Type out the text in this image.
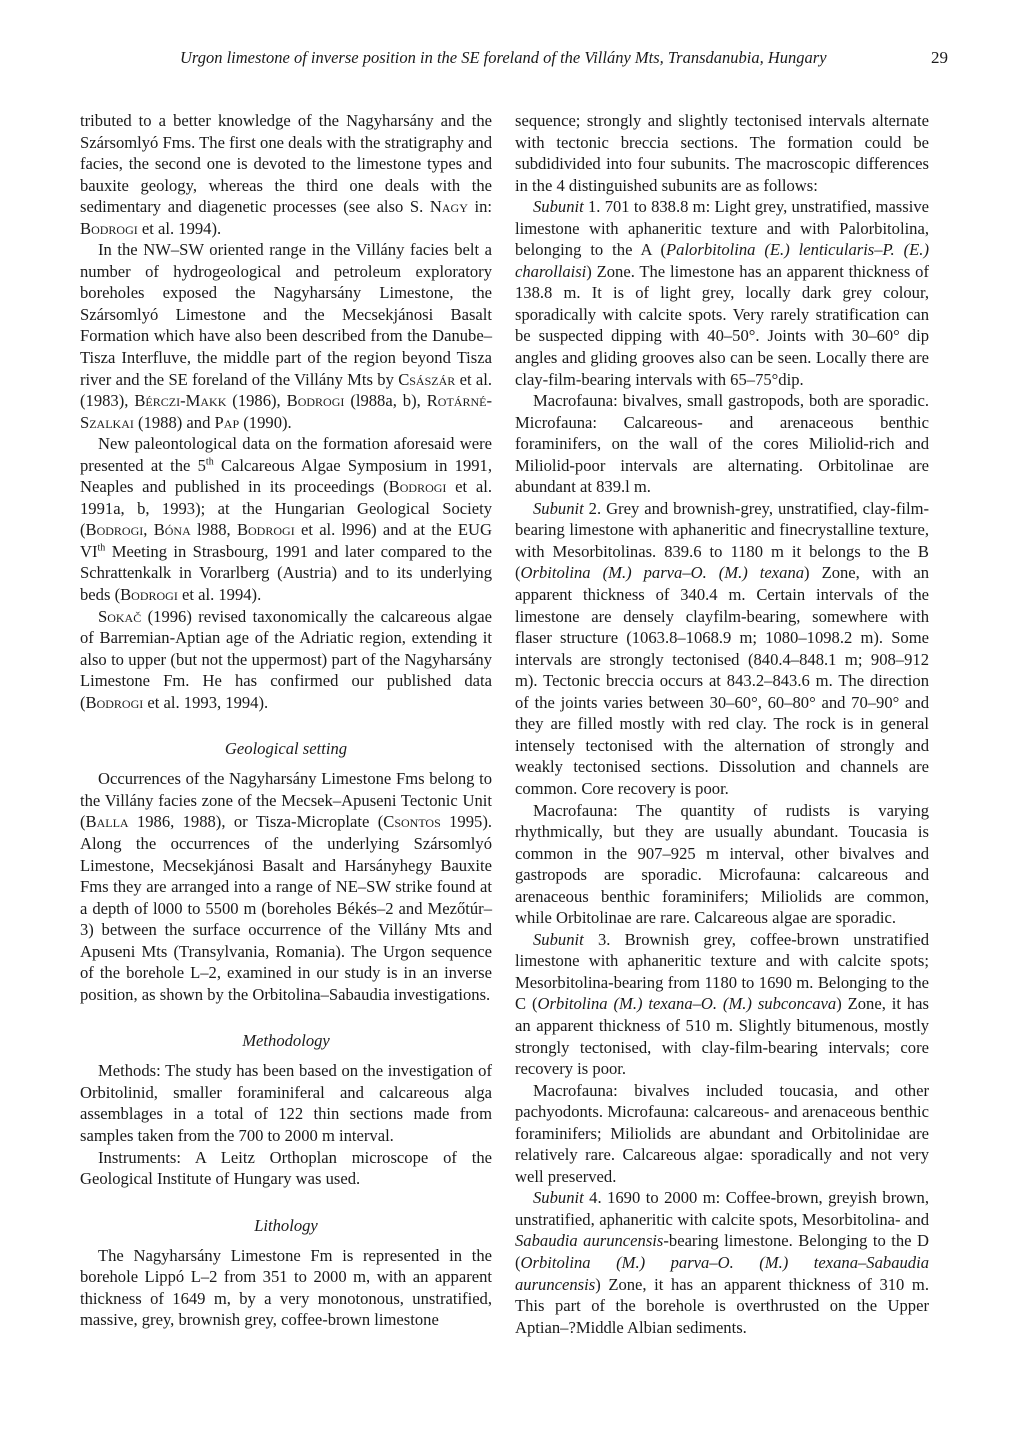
Urgon limestone of inverse position in the SE foreland of the Villány Mts, Transdanubia, Hungary	29

tributed to a better knowledge of the Nagyharsány and the Szársomlyó Fms. The first one deals with the stratigraphy and facies, the second one is devoted to the limestone types and bauxite geology, whereas the third one deals with the sedimentary and diagenetic processes (see also S. Nagy in: Bodrogi et al. 1994).

In the NW–SW oriented range in the Villány facies belt a number of hydrogeological and petroleum exploratory boreholes exposed the Nagyharsány Limestone, the Szársomlyó Limestone and the Mecsekjánosi Basalt Formation which have also been described from the Danube–Tisza Interfluve, the middle part of the region beyond Tisza river and the SE foreland of the Villány Mts by Császár et al. (1983), Bérczi-Makk (1986), Bodrogi (l988a, b), Rotárné-Szalkai (1988) and Pap (1990).

New paleontological data on the formation aforesaid were presented at the 5th Calcareous Algae Symposium in 1991, Neaples and published in its proceedings (Bodrogi et al. 1991a, b, 1993); at the Hungarian Geological Society (Bodrogi, Bóna l988, Bodrogi et al. l996) and at the EUG VIth Meeting in Strasbourg, 1991 and later compared to the Schrattenkalk in Vorarlberg (Austria) and to its underlying beds (Bodrogi et al. 1994).

Sokač (1996) revised taxonomically the calcareous algae of Barremian-Aptian age of the Adriatic region, extending it also to upper (but not the uppermost) part of the Nagyharsány Limestone Fm. He has confirmed our published data (Bodrogi et al. 1993, 1994).

Geological setting

Occurrences of the Nagyharsány Limestone Fms belong to the Villány facies zone of the Mecsek–Apuseni Tectonic Unit (Balla 1986, 1988), or Tisza-Microplate (Csontos 1995). Along the occurrences of the underlying Szársomlyó Limestone, Mecsekjánosi Basalt and Harsányhegy Bauxite Fms they are arranged into a range of NE–SW strike found at a depth of l000 to 5500 m (boreholes Békés–2 and Mezőtúr–3) between the surface occurrence of the Villány Mts and Apuseni Mts (Transylvania, Romania). The Urgon sequence of the borehole L–2, examined in our study is in an inverse position, as shown by the Orbitolina–Sabaudia investigations.

Methodology

Methods: The study has been based on the investigation of Orbitolinid, smaller foraminiferal and calcareous alga assemblages in a total of 122 thin sections made from samples taken from the 700 to 2000 m interval.

Instruments: A Leitz Orthoplan microscope of the Geological Institute of Hungary was used.

Lithology

The Nagyharsány Limestone Fm is represented in the borehole Lippó L–2 from 351 to 2000 m, with an apparent thickness of 1649 m, by a very monotonous, unstratified, massive, grey, brownish grey, coffee-brown limestone

sequence; strongly and slightly tectonised intervals alternate with tectonic breccia sections. The formation could be subdidivided into four subunits. The macroscopic differences in the 4 distinguished subunits are as follows:

Subunit 1. 701 to 838.8 m: Light grey, unstratified, massive limestone with aphaneritic texture and with Palorbitolina, belonging to the A (Palorbitolina (E.) lenticularis–P. (E.) charollaisi) Zone. The limestone has an apparent thickness of 138.8 m. It is of light grey, locally dark grey colour, sporadically with calcite spots. Very rarely stratification can be suspected dipping with 40–50°. Joints with 30–60° dip angles and gliding grooves also can be seen. Locally there are clay-film-bearing intervals with 65–75°dip.

Macrofauna: bivalves, small gastropods, both are sporadic. Microfauna: Calcareous- and arenaceous benthic foraminifers, on the wall of the cores Miliolid-rich and Miliolid-poor intervals are alternating. Orbitolinae are abundant at 839.l m.

Subunit 2. Grey and brownish-grey, unstratified, clay-film-bearing limestone with aphaneritic and finecrystalline texture, with Mesorbitolinas. 839.6 to 1180 m it belongs to the B (Orbitolina (M.) parva–O. (M.) texana) Zone, with an apparent thickness of 340.4 m. Certain intervals of the limestone are densely clayfilm-bearing, somewhere with flaser structure (1063.8–1068.9 m; 1080–1098.2 m). Some intervals are strongly tectonised (840.4–848.1 m; 908–912 m). Tectonic breccia occurs at 843.2–843.6 m. The direction of the joints varies between 30–60°, 60–80° and 70–90° and they are filled mostly with red clay. The rock is in general intensely tectonised with the alternation of strongly and weakly tectonised sections. Dissolution and channels are common. Core recovery is poor.

Macrofauna: The quantity of rudists is varying rhythmically, but they are usually abundant. Toucasia is common in the 907–925 m interval, other bivalves and gastropods are sporadic. Microfauna: calcareous and arenaceous benthic foraminifers; Miliolids are common, while Orbitolinae are rare. Calcareous algae are sporadic.

Subunit 3. Brownish grey, coffee-brown unstratified limestone with aphaneritic texture and with calcite spots; Mesorbitolina-bearing from 1180 to 1690 m. Belonging to the C (Orbitolina (M.) texana–O. (M.) subconcava) Zone, it has an apparent thickness of 510 m. Slightly bitumenous, mostly strongly tectonised, with clay-film-bearing intervals; core recovery is poor.

Macrofauna: bivalves included toucasia, and other pachyodonts. Microfauna: calcareous- and arenaceous benthic foraminifers; Miliolids are abundant and Orbitolinidae are relatively rare. Calcareous algae: sporadically and not very well preserved.

Subunit 4. 1690 to 2000 m: Coffee-brown, greyish brown, unstratified, aphaneritic with calcite spots, Mesorbitolina- and Sabaudia auruncensis-bearing limestone. Belonging to the D (Orbitolina (M.) parva–O. (M.) texana–Sabaudia auruncensis) Zone, it has an apparent thickness of 310 m. This part of the borehole is overthrusted on the Upper Aptian–?Middle Albian sediments.
